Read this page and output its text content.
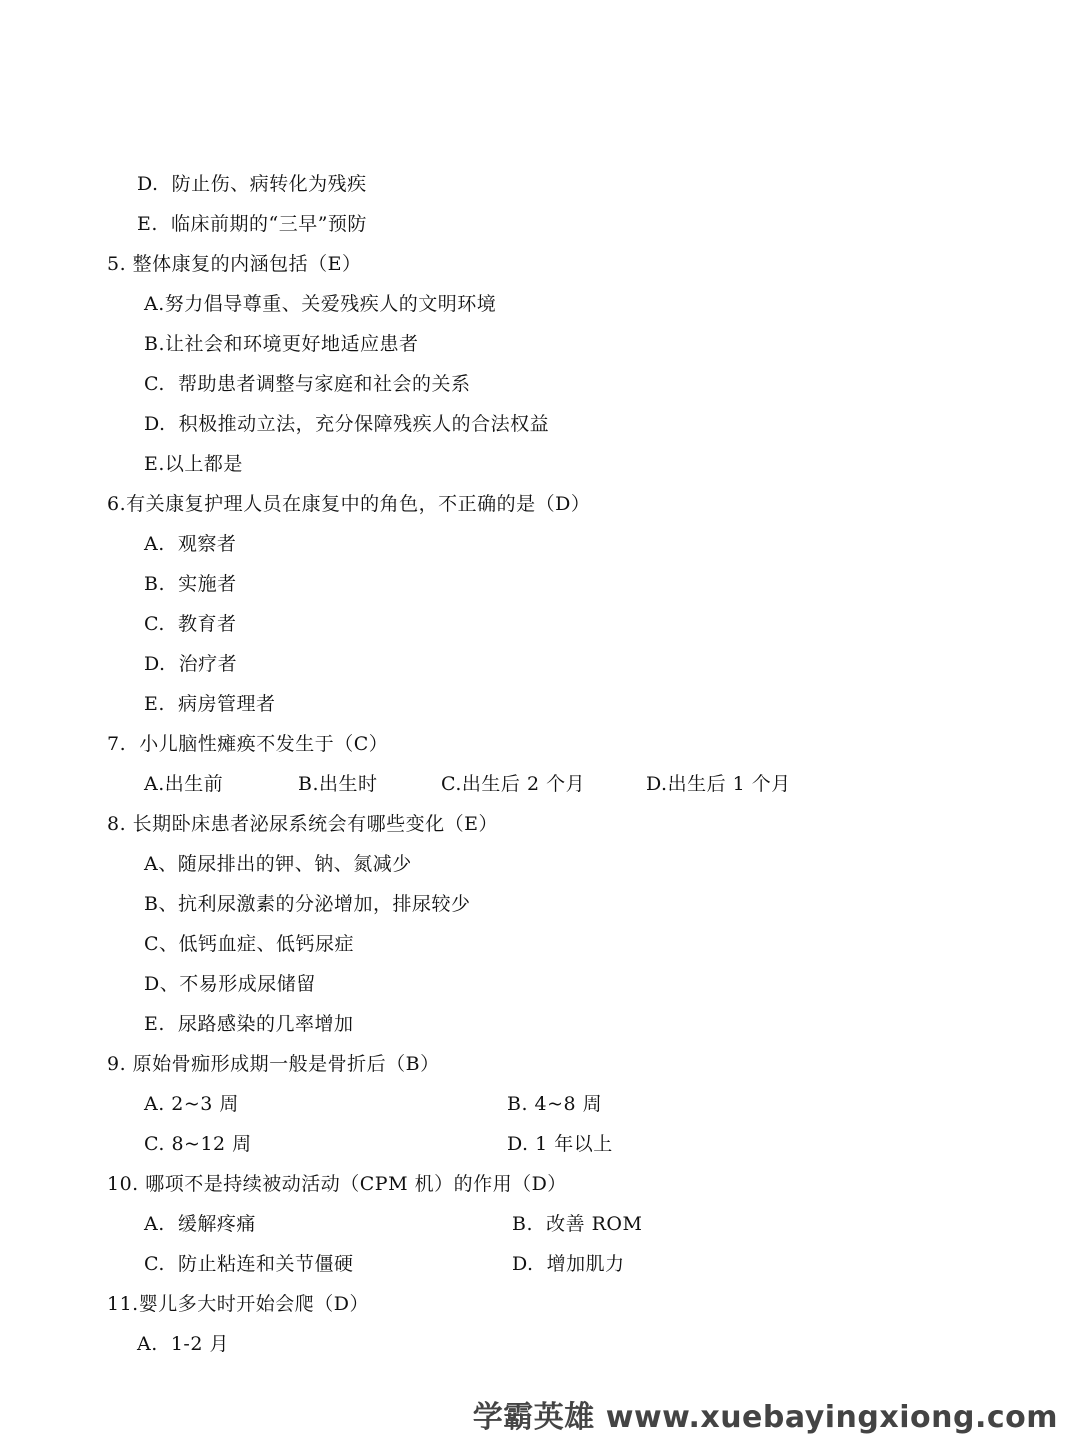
D.  防止伤、病转化为残疾
E.  临床前期的“三早”预防
5. 整体康复的内涵包括（E）
A.努力倡导尊重、关爱残疾人的文明环境
B.让社会和环境更好地适应患者
C.  帮助患者调整与家庭和社会的关系
D.  积极推动立法，充分保障残疾人的合法权益
E.以上都是
6.有关康复护理人员在康复中的角色，不正确的是（D）
A.  观察者
B.  实施者
C.  教育者
D.  治疗者
E.  病房管理者
7.  小儿脑性瘫痪不发生于（C）
A.出生前	B.出生时	C.出生后 2 个月	D.出生后 1 个月
8. 长期卧床患者泌尿系统会有哪些变化（E）
A、随尿排出的钾、钠、氮减少
B、抗利尿激素的分泌增加，排尿较少
C、低钙血症、低钙尿症
D、不易形成尿储留
E.  尿路感染的几率增加
9. 原始骨痂形成期一般是骨折后（B）
A. 2~3 周	B. 4~8 周
C. 8~12 周	D. 1 年以上
10. 哪项不是持续被动活动（CPM 机）的作用（D）
A.  缓解疼痛	B.  改善 ROM
C.  防止粘连和关节僵硬	D.  增加肌力
11.婴儿多大时开始会爬（D）
A.  1-2 月
学霸英雄 www.xuebayingxiong.com
